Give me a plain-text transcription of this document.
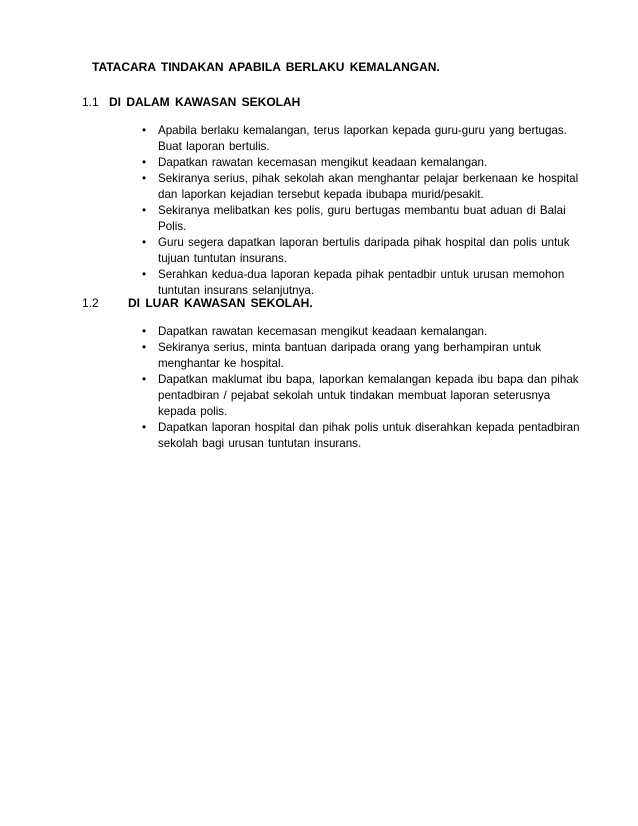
TATACARA TINDAKAN APABILA BERLAKU KEMALANGAN.
1.1 DI DALAM KAWASAN SEKOLAH
• Apabila berlaku kemalangan, terus laporkan kepada guru-guru yang bertugas. Buat laporan bertulis.
• Dapatkan rawatan kecemasan mengikut keadaan kemalangan.
• Sekiranya serius, pihak sekolah akan menghantar pelajar berkenaan ke hospital dan laporkan kejadian tersebut kepada ibubapa murid/pesakit.
• Sekiranya melibatkan kes polis, guru bertugas membantu buat aduan di Balai Polis.
• Guru segera dapatkan laporan bertulis daripada pihak hospital dan polis untuk tujuan tuntutan insurans.
• Serahkan kedua-dua laporan kepada pihak pentadbir untuk urusan memohon tuntutan insurans selanjutnya.
1.2 DI LUAR KAWASAN SEKOLAH.
• Dapatkan rawatan kecemasan mengikut keadaan kemalangan.
• Sekiranya serius, minta bantuan daripada orang yang berhampiran untuk menghantar ke hospital.
• Dapatkan maklumat ibu bapa, laporkan kemalangan kepada ibu bapa dan pihak pentadbiran / pejabat sekolah untuk tindakan membuat laporan seterusnya kepada polis.
• Dapatkan laporan hospital dan pihak polis untuk diserahkan kepada pentadbiran sekolah bagi urusan tuntutan insurans.
